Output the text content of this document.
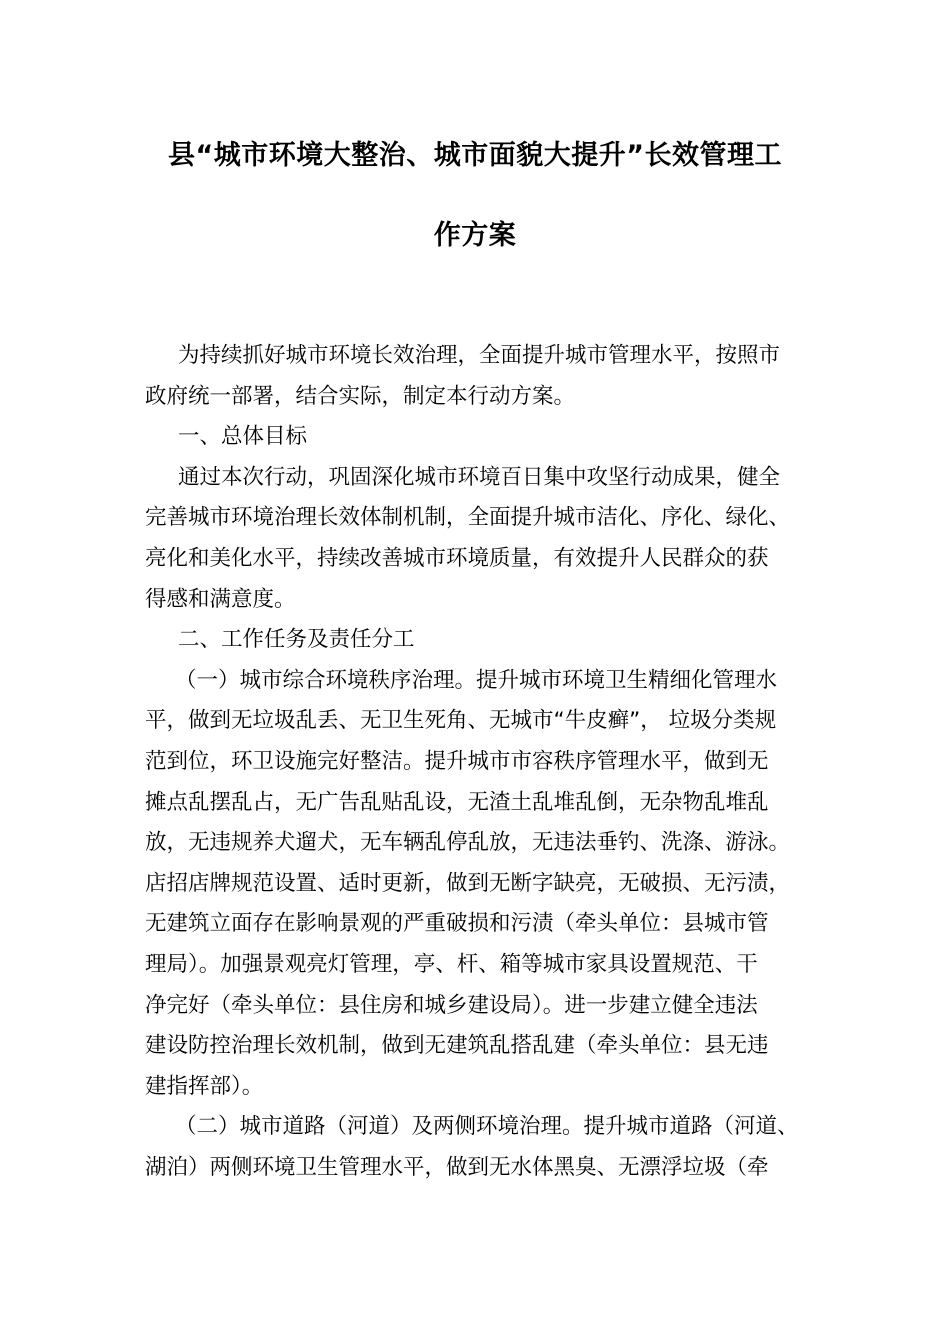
县“城市环境大整治、城市面貌大提升”长效管理工
作方案
为持续抓好城市环境长效治理，全面提升城市管理水平，按照市
政府统一部署，结合实际，制定本行动方案。
一、总体目标
通过本次行动，巩固深化城市环境百日集中攻坚行动成果，健全
完善城市环境治理长效体制机制，全面提升城市洁化、序化、绿化、
亮化和美化水平，持续改善城市环境质量，有效提升人民群众的获
得感和满意度。
二、工作任务及责任分工
（一）城市综合环境秩序治理。提升城市环境卫生精细化管理水
平，做到无垃圾乱丢、无卫生死角、无城市“牛皮癣”， 垃圾分类规
范到位，环卫设施完好整洁。提升城市市容秩序管理水平，做到无
摊点乱摆乱占，无广告乱贴乱设，无渣土乱堆乱倒，无杂物乱堆乱
放，无违规养犬遛犬，无车辆乱停乱放，无违法垂钓、洗涤、游泳。
店招店牌规范设置、适时更新，做到无断字缺亮，无破损、无污渍，
无建筑立面存在影响景观的严重破损和污渍（牵头单位：县城市管
理局）。加强景观亮灯管理，亭、杆、箱等城市家具设置规范、干
净完好（牵头单位：县住房和城乡建设局）。进一步建立健全违法
建设防控治理长效机制，做到无建筑乱搭乱建（牵头单位：县无违
建指挥部）。
（二）城市道路（河道）及两侧环境治理。提升城市道路（河道、
湖泊）两侧环境卫生管理水平，做到无水体黑臭、无漂浮垃圾（牵
